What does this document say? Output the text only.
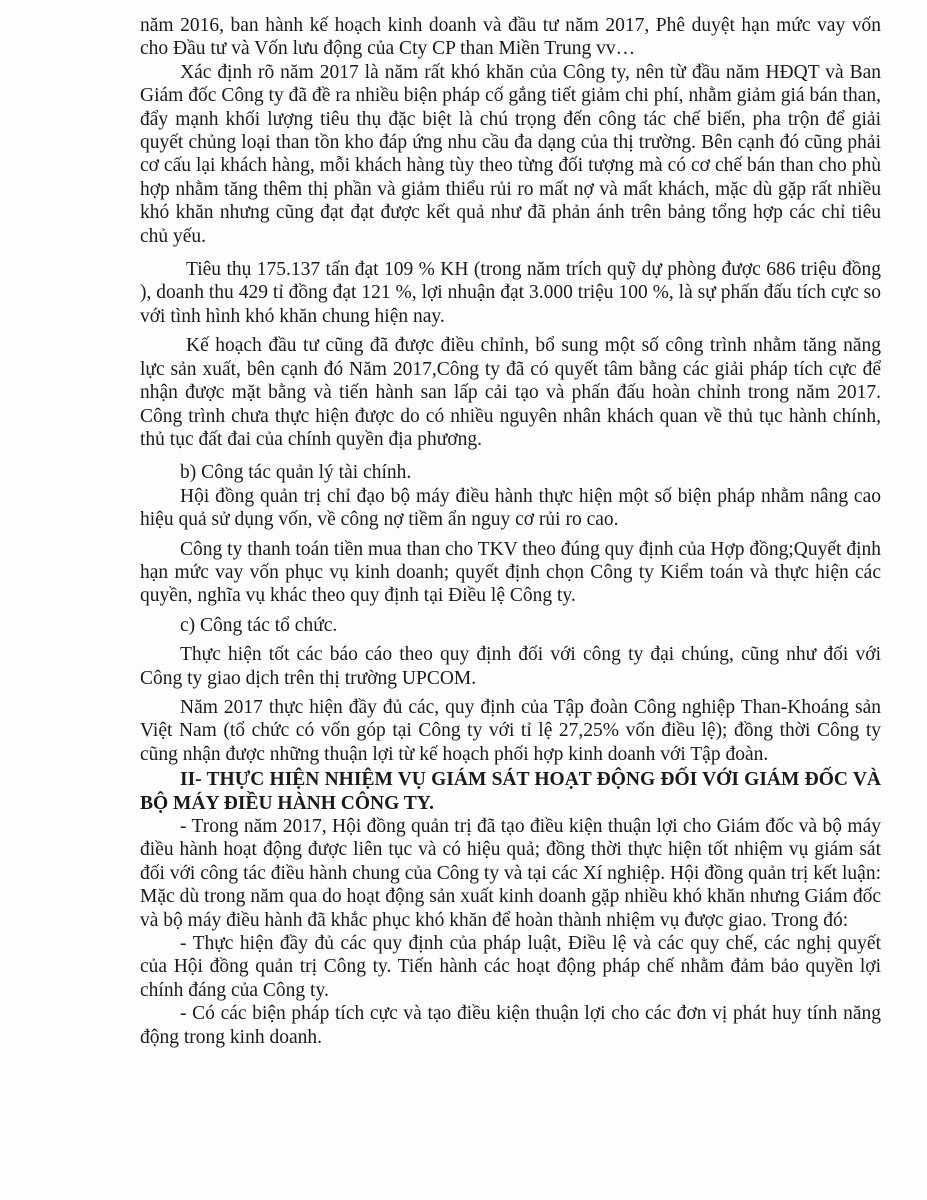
năm 2016, ban hành kế hoạch kinh doanh và đầu tư năm 2017, Phê duyệt hạn mức vay vốn cho Đầu tư và Vốn lưu động của Cty CP than Miền Trung vv…

Xác định rõ năm 2017 là năm rất khó khăn của Công ty, nên từ đầu năm HĐQT và Ban Giám đốc Công ty đã đề ra nhiều biện pháp cố gắng tiết giảm chi phí, nhằm giảm giá bán than, đẩy mạnh khối lượng tiêu thụ đặc biệt là chú trọng đến công tác chế biến, pha trộn để giải quyết chủng loại than tồn kho đáp ứng nhu cầu đa dạng của thị trường. Bên cạnh đó cũng phải cơ cấu lại khách hàng, mỗi khách hàng tùy theo từng đối tượng mà có cơ chế bán than cho phù hợp nhằm tăng thêm thị phần và giảm thiểu rủi ro mất nợ và mất khách, mặc dù gặp rất nhiều khó khăn nhưng cũng đạt đạt được kết quả như đã phản ánh trên bảng tổng hợp các chỉ tiêu chủ yếu.

Tiêu thụ 175.137 tấn đạt 109 % KH (trong năm trích quỹ dự phòng được 686 triệu đồng ), doanh thu 429 tỉ đồng đạt 121 %, lợi nhuận đạt 3.000 triệu 100 %, là sự phấn đấu tích cực so với tình hình khó khăn chung hiện nay.

Kế hoạch đầu tư cũng đã được điều chỉnh, bổ sung một số công trình nhằm tăng năng lực sản xuất, bên cạnh đó Năm 2017,Công ty đã có quyết tâm bằng các giải pháp tích cực để nhận được mặt bằng và tiến hành san lấp cải tạo và phấn đấu hoàn chỉnh trong năm 2017. Công trình chưa thực hiện được do có nhiều nguyên nhân khách quan về thủ tục hành chính, thủ tục đất đai của chính quyền địa phương.

b) Công tác quản lý tài chính.

Hội đồng quản trị chỉ đạo bộ máy điều hành thực hiện một số biện pháp nhằm nâng cao hiệu quả sử dụng vốn, về công nợ tiềm ẩn nguy cơ rủi ro cao.

Công ty thanh toán tiền mua than cho TKV theo đúng quy định của Hợp đồng;Quyết định hạn mức vay vốn phục vụ kinh doanh; quyết định chọn Công ty Kiểm toán và thực hiện các quyền, nghĩa vụ khác theo quy định tại Điều lệ Công ty.

c) Công tác tổ chức.

Thực hiện tốt các báo cáo theo quy định đối với công ty đại chúng, cũng như đối với Công ty giao dịch trên thị trường UPCOM.

Năm 2017 thực hiện đầy đủ các, quy định của Tập đoàn Công nghiệp Than-Khoáng sản Việt Nam (tổ chức có vốn góp tại Công ty với tỉ lệ 27,25% vốn điều lệ); đồng thời Công ty cũng nhận được những thuận lợi từ kế hoạch phối hợp kinh doanh với Tập đoàn.

II- THỰC HIỆN NHIỆM VỤ GIÁM SÁT HOẠT ĐỘNG ĐỐI VỚI GIÁM ĐỐC VÀ BỘ MÁY ĐIỀU HÀNH CÔNG TY.

- Trong năm 2017, Hội đồng quản trị đã tạo điều kiện thuận lợi cho Giám đốc và bộ máy điều hành hoạt động được liên tục và có hiệu quả; đồng thời thực hiện tốt nhiệm vụ giám sát đối với công tác điều hành chung của Công ty và tại các Xí nghiệp. Hội đồng quản trị kết luận: Mặc dù trong năm qua do hoạt động sản xuất kinh doanh gặp nhiều khó khăn nhưng Giám đốc và bộ máy điều hành đã khắc phục khó khăn để hoàn thành nhiệm vụ được giao. Trong đó:

- Thực hiện đầy đủ các quy định của pháp luật, Điều lệ và các quy chế, các nghị quyết của Hội đồng quản trị Công ty. Tiến hành các hoạt động pháp chế nhằm đảm bảo quyền lợi chính đáng của Công ty.

- Có các biện pháp tích cực và tạo điều kiện thuận lợi cho các đơn vị phát huy tính năng động trong kinh doanh.
